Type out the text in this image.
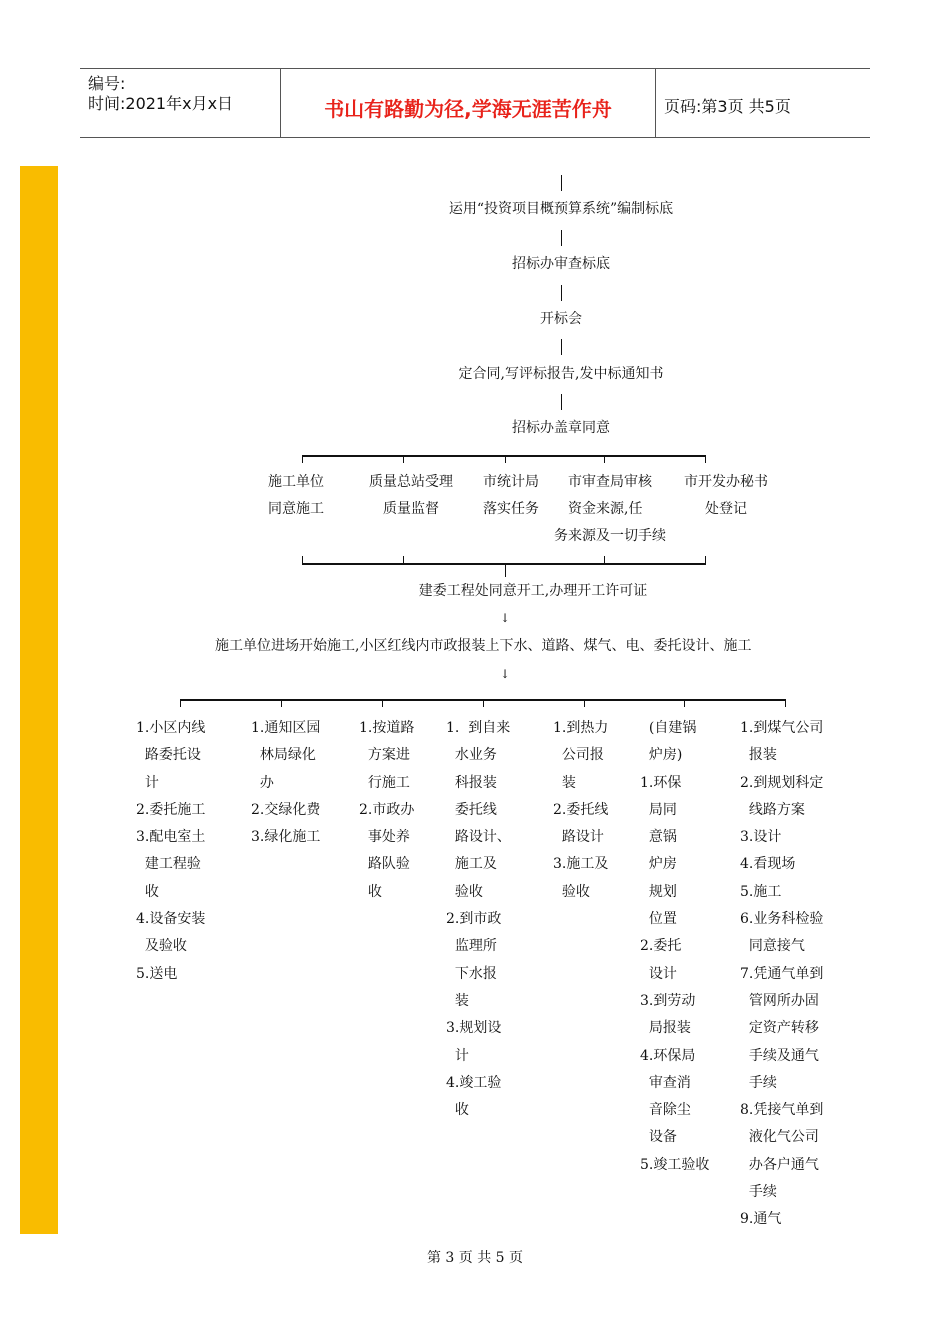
编号:
时间:2021年x月x日	书山有路勤为径,学海无涯苦作舟	页码:第3页 共5页
运用“投资项目概预算系统”编制标底
招标办审查标底
开标会
定合同,写评标报告,发中标通知书
招标办盖章同意
施工单位
同意施工
质量总站受理
质量监督
市统计局
落实任务
市审查局审核
资金来源,任
务来源及一切手续
市开发办秘书
处登记
建委工程处同意开工,办理开工许可证
↓
施工单位进场开始施工,小区红线内市政报装上下水、道路、煤气、电、委托设计、施工
↓
1.小区内线
路委托设
计
2.委托施工
3.配电室土
建工程验
收
4.设备安装
及验收
5.送电
1.通知区园
林局绿化
办
2.交绿化费
3.绿化施工
1.按道路
方案进
行施工
2.市政办
事处养
路队验
收
1.  到自来
水业务
科报装
委托线
路设计、
施工及
验收
2.到市政
监理所
下水报
装
3.规划设
计
4.竣工验
收
1.到热力
公司报
装
2.委托线
路设计
3.施工及
验收
(自建锅
炉房)
1.环保
局同
意锅
炉房
规划
位置
2.委托
设计
3.到劳动
局报装
4.环保局
审查消
音除尘
设备
5.竣工验收
1.到煤气公司
报装
2.到规划科定
线路方案
3.设计
4.看现场
5.施工
6.业务科检验
同意接气
7.凭通气单到
管网所办固
定资产转移
手续及通气
手续
8.凭接气单到
液化气公司
办各户通气
手续
9.通气
第 3 页 共 5 页
